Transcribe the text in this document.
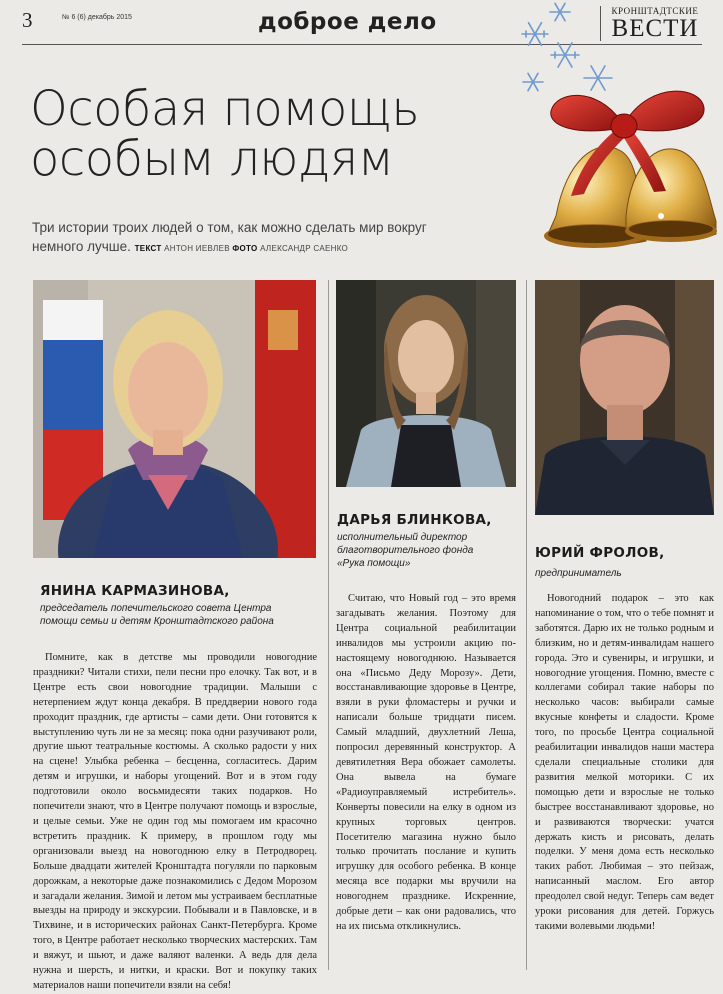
3	№ 6 (6) декабрь 2015	доброе дело	КРОНШТАДТСКИЕ
ВЕСТИ
Особая помощь
особым людям
Три истории троих людей о том, как можно сделать мир вокруг немного лучше. ТЕКСТ АНТОН ИЕВЛЕВ ФОТО АЛЕКСАНДР САЕНКО
ЯНИНА КАРМАЗИНОВА,
председатель попечительского совета Центра помощи семьи и детям Кронштадтского района

Помните, как в детстве мы проводили новогодние праздники? Читали стихи, пели песни про елочку. Так вот, и в Центре есть свои новогодние традиции. Малыши с нетерпением ждут конца декабря. В преддверии нового года проходит праздник, где артисты – сами дети. Они готовятся к выступлению чуть ли не за месяц: пока одни разучивают роли, другие шьют театральные костюмы. А сколько радости у них на сцене! Улыбка ребенка – бесценна, согласитесь. Дарим детям и игрушки, и наборы угощений. Вот и в этом году подготовили около восьмидесяти таких подарков. Но попечители знают, что в Центре получают помощь и взрослые, и целые семьи. Уже не один год мы помогаем им красочно встретить праздник. К примеру, в прошлом году мы организовали выезд на новогоднюю елку в Петродворец. Больше двадцати жителей Кронштадта погуляли по парковым дорожкам, а некоторые даже познакомились с Дедом Морозом и загадали желания. Зимой и летом мы устраиваем бесплатные выезды на природу и экскурсии. Побывали и в Павловске, и в Тихвине, и в исторических районах Санкт-Петербурга. Кроме того, в Центре работает несколько творческих мастерских. Там и вяжут, и шьют, и даже валяют валенки. А ведь для дела нужна и шерсть, и нитки, и краски. Вот и покупку таких материалов наши попечители взяли на себя!

ДАРЬЯ БЛИНКОВА,
исполнительный директор благотворительного фонда «Рука помощи»

Считаю, что Новый год – это время загадывать желания. Поэтому для Центра социальной реабилитации инвалидов мы устроили акцию по-настоящему новогоднюю. Называется она «Письмо Деду Морозу». Дети, восстанавливающие здоровье в Центре, взяли в руки фломастеры и ручки и написали больше тридцати писем. Самый младший, двухлетний Леша, попросил деревянный конструктор. А девятилетняя Вера обожает самолеты. Она вывела на бумаге «Радиоуправляемый истребитель». Конверты повесили на елку в одном из крупных торговых центров. Посетителю магазина нужно было только прочитать послание и купить игрушку для особого ребенка. В конце месяца все подарки мы вручили на новогоднем празднике. Искренние, добрые дети – как они радовались, что на их письма откликнулись.

ЮРИЙ ФРОЛОВ,
предприниматель

Новогодний подарок – это как напоминание о том, что о тебе помнят и заботятся. Дарю их не только родным и близким, но и детям-инвалидам нашего города. Это и сувениры, и игрушки, и новогодние угощения. Помню, вместе с коллегами собирал такие наборы по несколько часов: выбирали самые вкусные конфеты и сладости. Кроме того, по просьбе Центра социальной реабилитации инвалидов наши мастера сделали специальные столики для развития мелкой моторики. С их помощью дети и взрослые не только быстрее восстанавливают здоровье, но и развиваются творчески: учатся держать кисть и рисовать, делать поделки. У меня дома есть несколько таких работ. Любимая – это пейзаж, написанный маслом. Его автор преодолел свой недуг. Теперь сам ведет уроки рисования для детей. Горжусь такими волевыми людьми!
